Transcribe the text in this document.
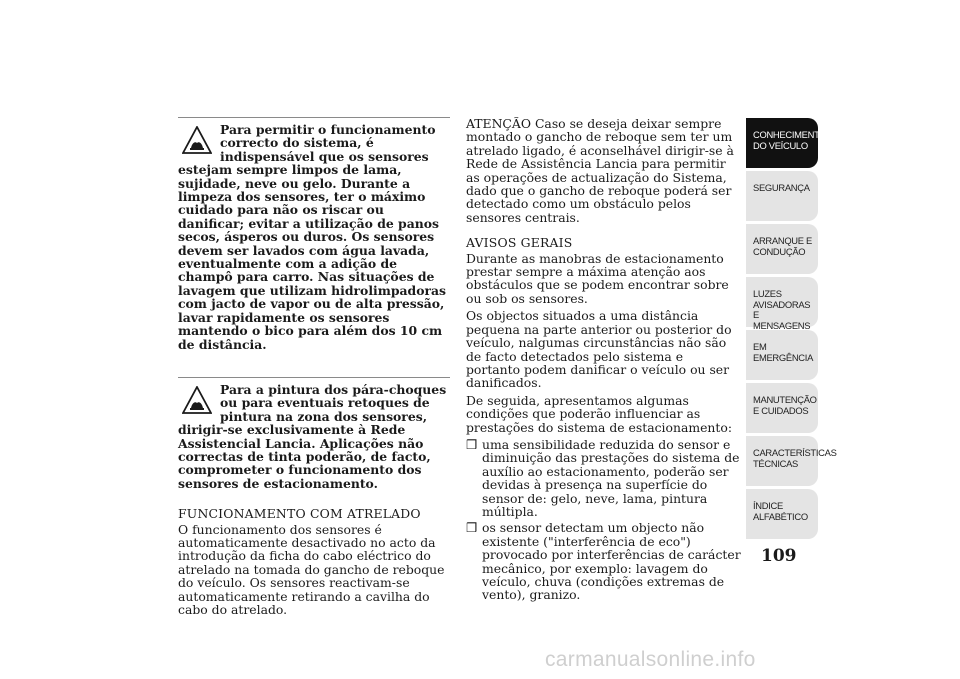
Para permitir o funcionamento correcto do sistema, é indispensável que os sensores estejam sempre limpos de lama, sujidade, neve ou gelo. Durante a limpeza dos sensores, ter o máximo cuidado para não os riscar ou danificar; evitar a utilização de panos secos, ásperos ou duros. Os sensores devem ser lavados com água lavada, eventualmente com a adição de champô para carro. Nas situações de lavagem que utilizam hidrolimpadoras com jacto de vapor ou de alta pressão, lavar rapidamente os sensores mantendo o bico para além dos 10 cm de distância.

Para a pintura dos pára-choques ou para eventuais retoques de pintura na zona dos sensores, dirigir-se exclusivamente à Rede Assistencial Lancia. Aplicações não correctas de tinta poderão, de facto, comprometer o funcionamento dos sensores de estacionamento.

FUNCIONAMENTO COM ATRELADO

O funcionamento dos sensores é automaticamente desactivado no acto da introdução da ficha do cabo eléctrico do atrelado na tomada do gancho de reboque do veículo. Os sensores reactivam-se automaticamente retirando a cavilha do cabo do atrelado.

ATENÇÃO Caso se deseja deixar sempre montado o gancho de reboque sem ter um atrelado ligado, é aconselhável dirigir-se à Rede de Assistência Lancia para permitir as operações de actualização do Sistema, dado que o gancho de reboque poderá ser detectado como um obstáculo pelos sensores centrais.

AVISOS GERAIS

Durante as manobras de estacionamento prestar sempre a máxima atenção aos obstáculos que se podem encontrar sobre ou sob os sensores.

Os objectos situados a uma distância pequena na parte anterior ou posterior do veículo, nalgumas circunstâncias não são de facto detectados pelo sistema e portanto podem danificar o veículo ou ser danificados.

De seguida, apresentamos algumas condições que poderão influenciar as prestações do sistema de estacionamento:

❒ uma sensibilidade reduzida do sensor e diminuição das prestações do sistema de auxílio ao estacionamento, poderão ser devidas à presença na superfície do sensor de: gelo, neve, lama, pintura múltipla.
❒ os sensor detectam um objecto não existente ("interferência de eco") provocado por interferências de carácter mecânico, por exemplo: lavagem do veículo, chuva (condições extremas de vento), granizo.
CONHECIMENTO DO VEÍCULO
SEGURANÇA
ARRANQUE E CONDUÇÃO
LUZES AVISADORAS E MENSAGENS
EM EMERGÊNCIA
MANUTENÇÃO E CUIDADOS
CARACTERÍSTICAS TÉCNICAS
ÍNDICE ALFABÉTICO
109
carmanualsonline.info
